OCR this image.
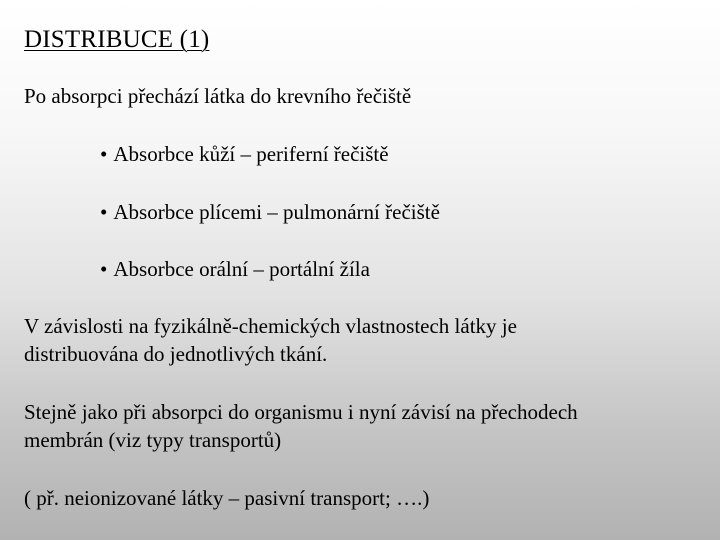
DISTRIBUCE (1)
Po absorpci přechází látka do krevního řečiště
• Absorbce kůží – periferní řečiště
• Absorbce plícemi – pulmonární řečiště
• Absorbce orální – portální žíla
V závislosti na fyzikálně-chemických vlastnostech látky je
distribuována do jednotlivých tkání.
Stejně jako při absorpci do organismu i nyní závisí na přechodech
membrán (viz typy transportů)
( př. neionizované látky – pasivní transport; ….)
